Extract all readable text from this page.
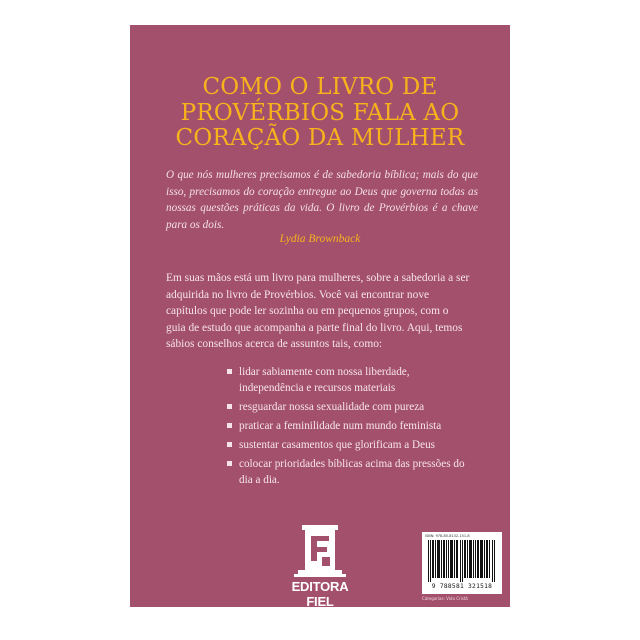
COMO O LIVRO DE
PROVÉRBIOS FALA AO
CORAÇÃO DA MULHER
O que nós mulheres precisamos é de sabedoria bíblica; mais do que isso, precisamos do coração entregue ao Deus que governa todas as nossas questões práticas da vida. O livro de Provérbios é a chave para os dois.
Lydia Brownback
Em suas mãos está um livro para mulheres, sobre a sabedoria a ser adquirida no livro de Provérbios. Você vai encontrar nove capítulos que pode ler sozinha ou em pequenos grupos, com o guia de estudo que acompanha a parte final do livro. Aqui, temos sábios conselhos acerca de assuntos tais, como:
lidar sabiamente com nossa liberdade, independência e recursos materiais
resguardar nossa sexualidade com pureza
praticar a feminilidade num mundo feminista
sustentar casamentos que glorificam a Deus
colocar prioridades bíblicas acima das pressões do dia a dia.
EDITORA FIEL
ISBN: 978-85-8132-151-8
9 788581 321518
Categorias: Vida Cristã
